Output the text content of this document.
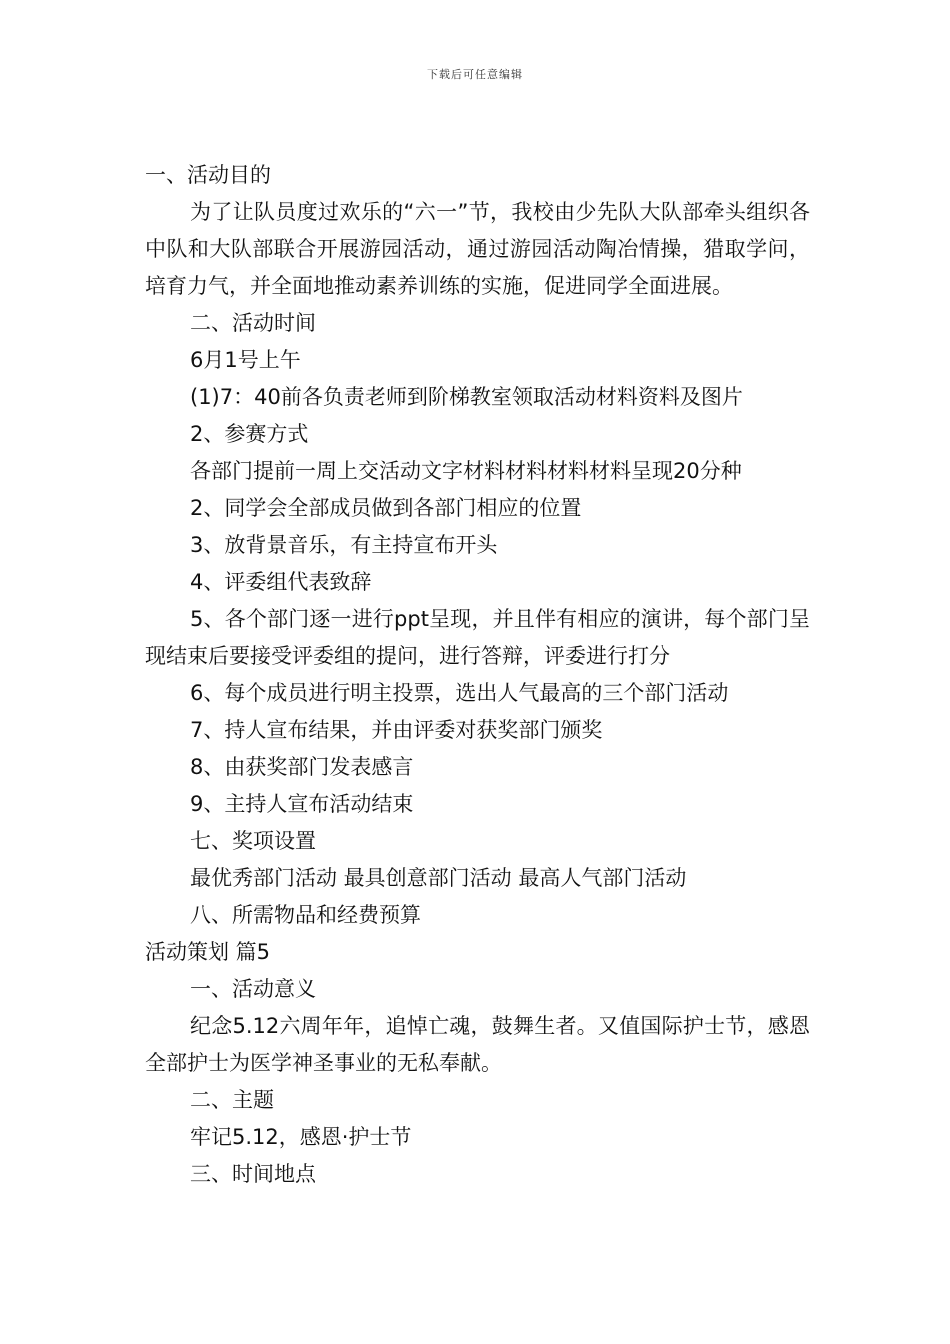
下载后可任意编辑

一、活动目的

为了让队员度过欢乐的“六一”节，我校由少先队大队部牵头组织各中队和大队部联合开展游园活动，通过游园活动陶冶情操，猎取学问，培育力气，并全面地推动素养训练的实施，促进同学全面进展。

二、活动时间

6月1号上午

(1)7：40前各负责老师到阶梯教室领取活动材料资料及图片

2、参赛方式

各部门提前一周上交活动文字材料材料材料材料呈现20分种

2、同学会全部成员做到各部门相应的位置

3、放背景音乐，有主持宣布开头

4、评委组代表致辞

5、各个部门逐一进行ppt呈现，并且伴有相应的演讲，每个部门呈现结束后要接受评委组的提问，进行答辩，评委进行打分

6、每个成员进行明主投票，选出人气最高的三个部门活动

7、持人宣布结果，并由评委对获奖部门颁奖

8、由获奖部门发表感言

9、主持人宣布活动结束

七、奖项设置

最优秀部门活动 最具创意部门活动 最高人气部门活动

八、所需物品和经费预算

活动策划 篇5

一、活动意义

纪念5.12六周年年，追悼亡魂，鼓舞生者。又值国际护士节，感恩全部护士为医学神圣事业的无私奉献。

二、主题

牢记5.12，感恩·护士节

三、时间地点
